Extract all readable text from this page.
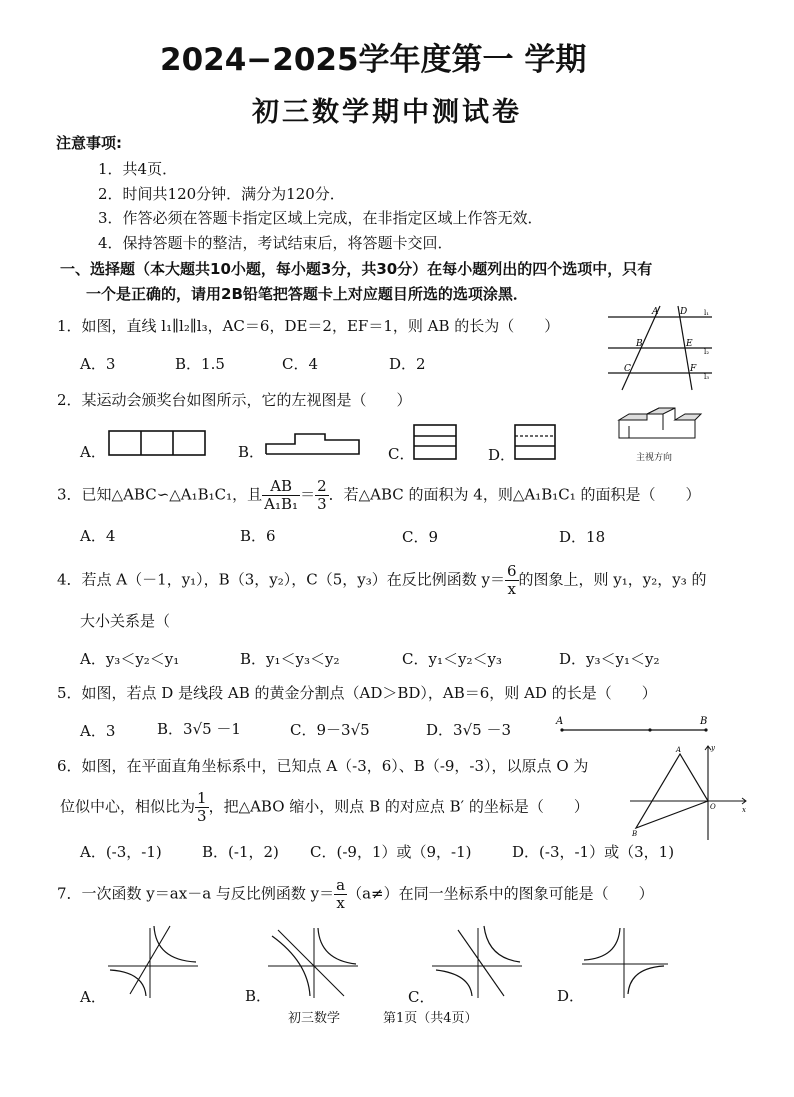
2024−2025学年度第一 学期
初三数学期中测试卷
注意事项:
1．共4页．
2．时间共120分钟．满分为120分．
3．作答必须在答题卡指定区域上完成，在非指定区域上作答无效．
4．保持答题卡的整洁，考试结束后，将答题卡交回．
一、选择题（本大题共10小题，每小题3分，共30分）在每小题列出的四个选项中，只有
一个是正确的，请用2B铅笔把答题卡上对应题目所选的选项涂黑．
1．如图，直线 l₁∥l₂∥l₃，AC＝6，DE＝2，EF＝1，则 AB 的长为（　　）
A．3	B．1.5	C．4	D．2
A D
B	E
C	F
l₁
l₂
l₃
2．某运动会颁奖台如图所示，它的左视图是（　　）
A．	B．	C．	D．	主视方向
3．已知△ABC∽△A₁B₁C₁，且 $\frac{AB}{\text{A₁B₁}} = \frac{2}{3}$ ．若△ABC 的面积为 4，则△A₁B₁C₁ 的面积是（　　）
A．4	B．6	C．9	D．18
4．若点 A（－1，y₁），B（3，y₂），C（5，y₃）在反比例函数 $y= \frac{6}{x}$ 的图象上，则 y₁，y₂，y₃ 的
大小关系是（
A．y₃＜y₂＜y₁	B．y₁＜y₃＜y₂	C．y₁＜y₂＜y₃	D．y₃＜y₁＜y₂
5．如图，若点 D 是线段 AB 的黄金分割点（AD＞BD），AB＝6，则 AD 的长是（　　）
A．3	B．3√5 －1	C．9－3√5	D．3√5 －3	A	B
6．如图，在平面直角坐标系中，已知点 A（-3，6）、B（-9，-3），以原点 O 为
位似中心，相似比为 $\frac{1}{3}$ ，把△ABO 缩小，则点 B 的对应点 B′ 的坐标是（　　）
A．(-3，-1)	B．(-1，2) C．(-9，1）或（9，-1)	D．(-3，-1）或（3，1)
A	y
O	x
B
7．一次函数 y＝ax－a 与反比例函数 $y= \frac{a}{x} (a\ne)$在同一坐标系中的图象可能是（　　）
A．	B．	C．	D．
初三数学	第1页（共4页）
